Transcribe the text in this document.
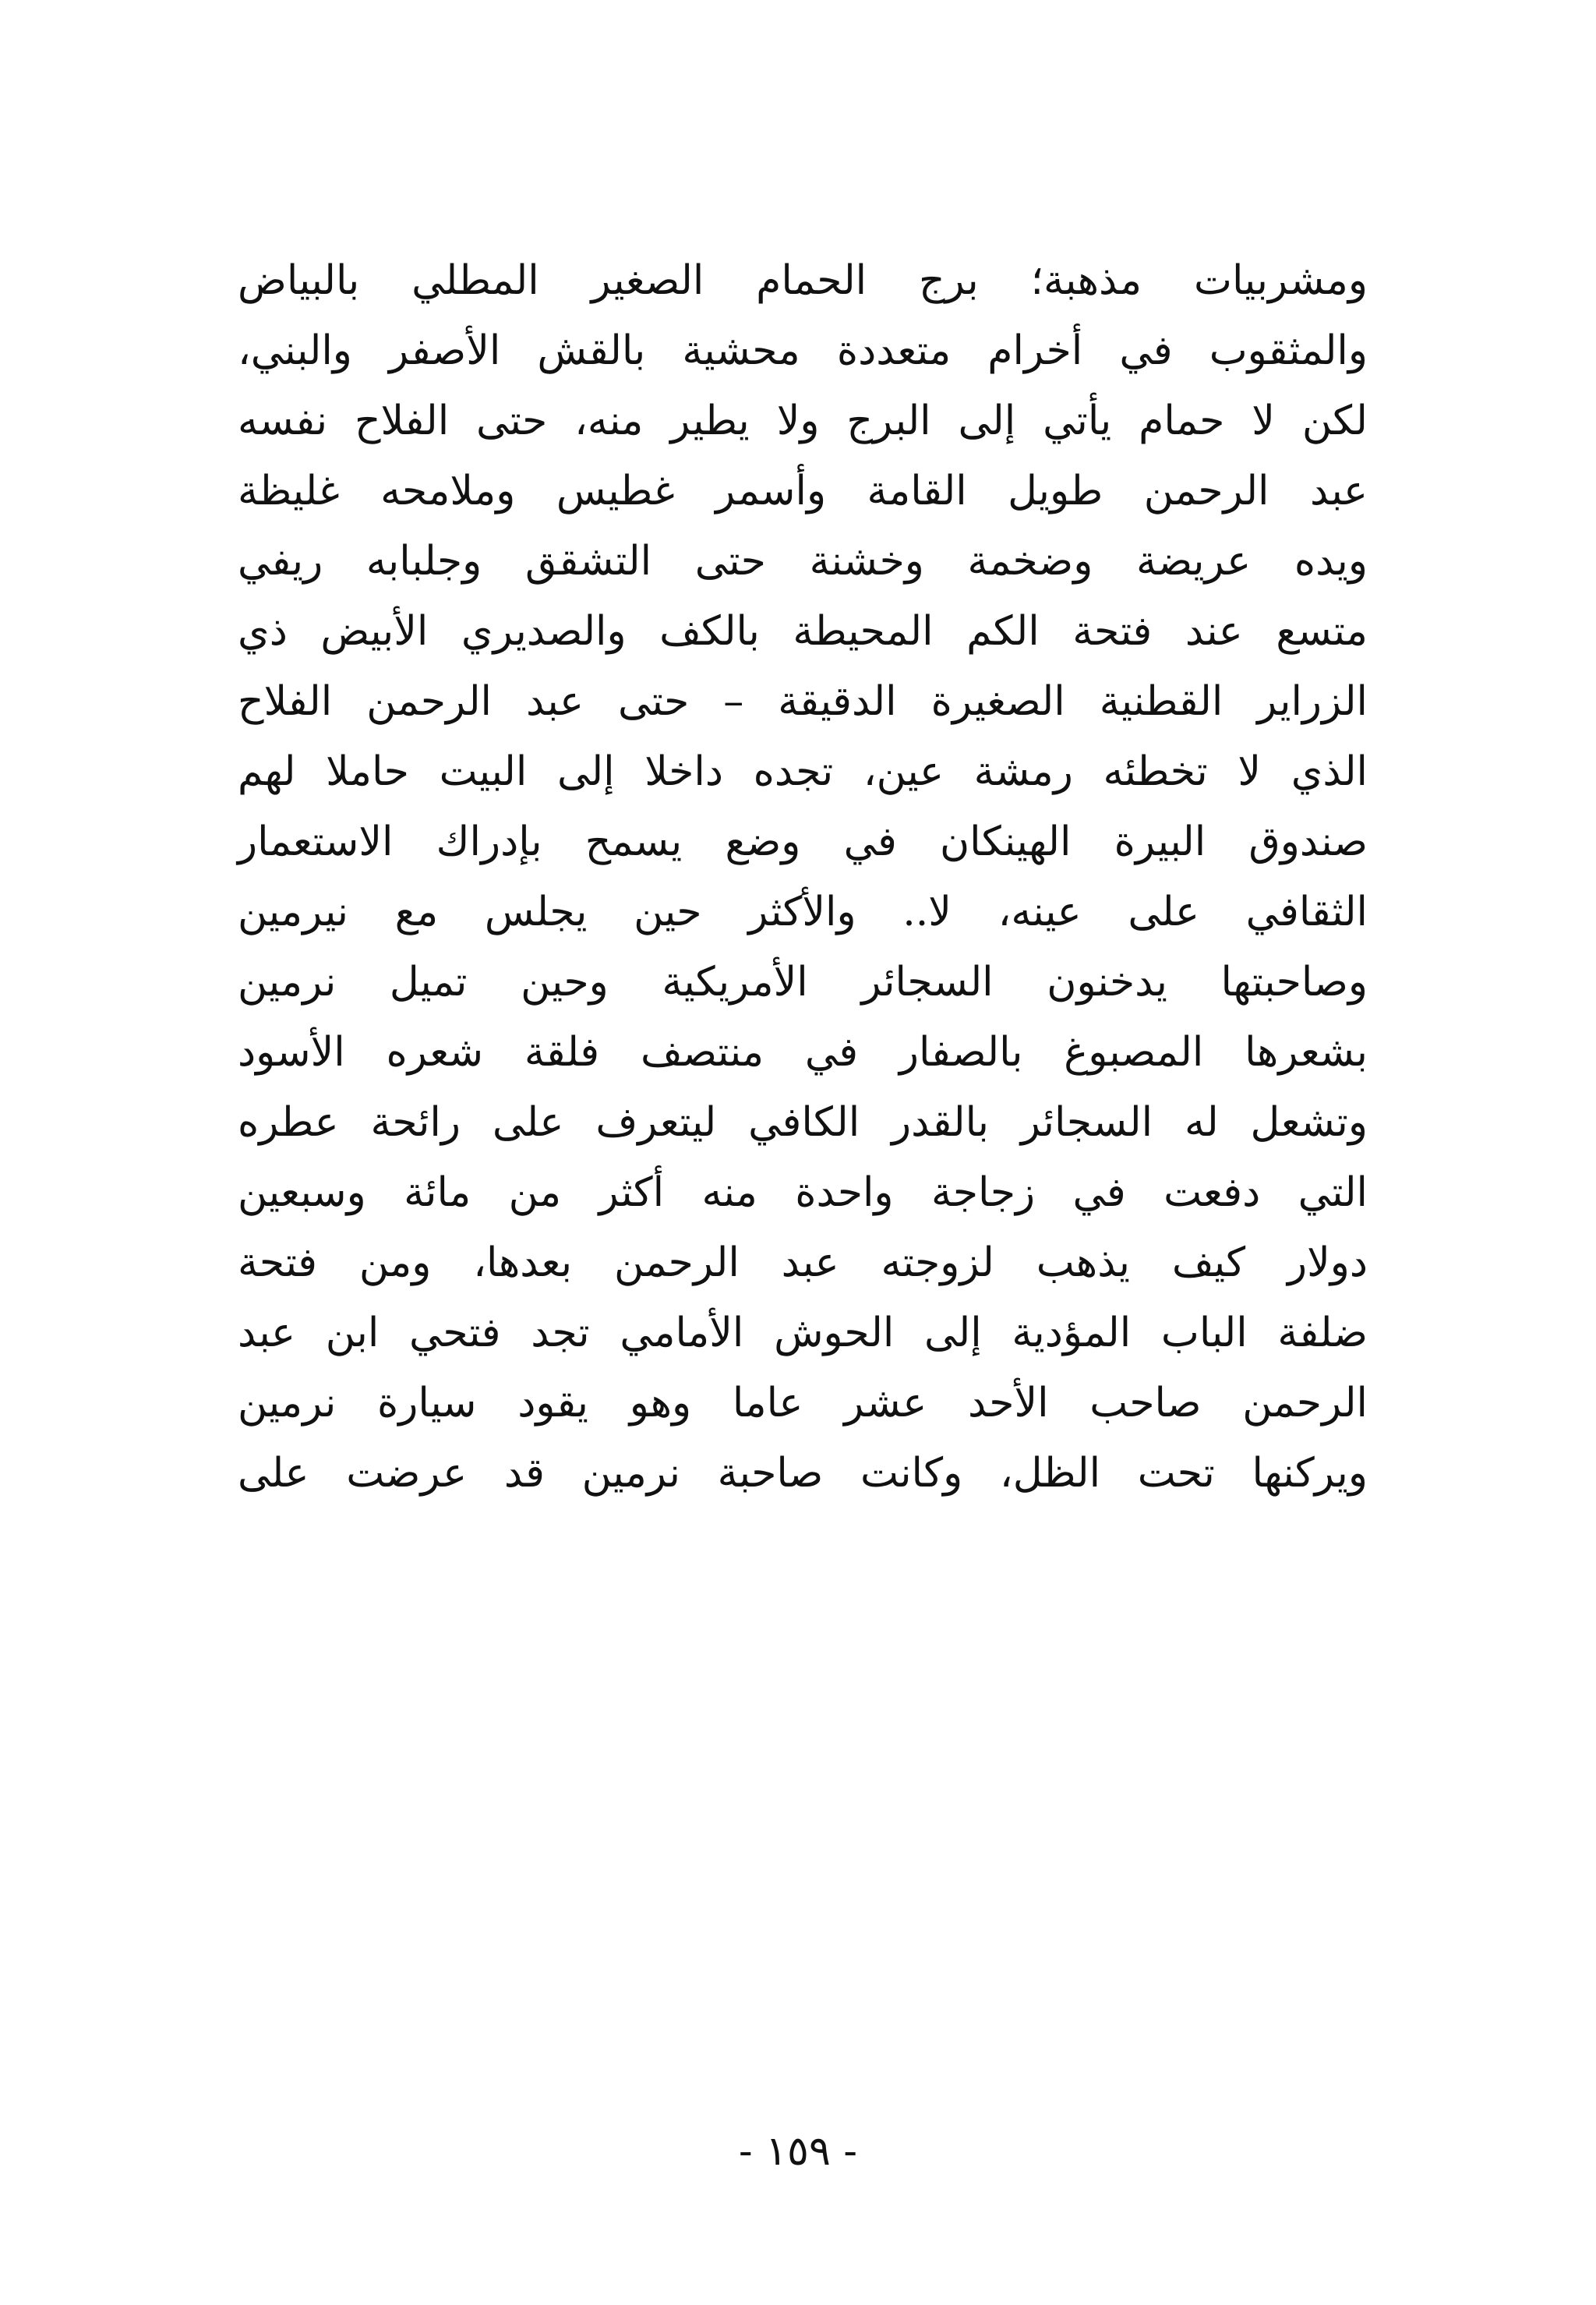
ومشربيات مذهبة؛ برج الحمام الصغير المطلي بالبياض
والمثقوب في أخرام متعددة محشية بالقش الأصفر والبني،
لكن لا حمام يأتي إلى البرج ولا يطير منه، حتى الفلاح نفسه
عبد الرحمن طويل القامة وأسمر غطيس وملامحه غليظة
ويده عريضة وضخمة وخشنة حتى التشقق وجلبابه ريفي
متسع عند فتحة الكم المحيطة بالكف والصديري الأبيض ذي
الزراير القطنية الصغيرة الدقيقة – حتى عبد الرحمن الفلاح
الذي لا تخطئه رمشة عين، تجده داخلا إلى البيت حاملا لهم
صندوق البيرة الهينكان في وضع يسمح بإدراك الاستعمار
الثقافي على عينه، لا.. والأكثر حين يجلس مع نيرمين
وصاحبتها يدخنون السجائر الأمريكية وحين تميل نرمين
بشعرها المصبوغ بالصفار في منتصف فلقة شعره الأسود
وتشعل له السجائر بالقدر الكافي ليتعرف على رائحة عطره
التي دفعت في زجاجة واحدة منه أكثر من مائة وسبعين
دولار كيف يذهب لزوجته عبد الرحمن بعدها، ومن فتحة
ضلفة الباب المؤدية إلى الحوش الأمامي تجد فتحي ابن عبد
الرحمن صاحب الأحد عشر عاما وهو يقود سيارة نرمين
ويركنها تحت الظل، وكانت صاحبة نرمين قد عرضت على
- ١٥٩ -
